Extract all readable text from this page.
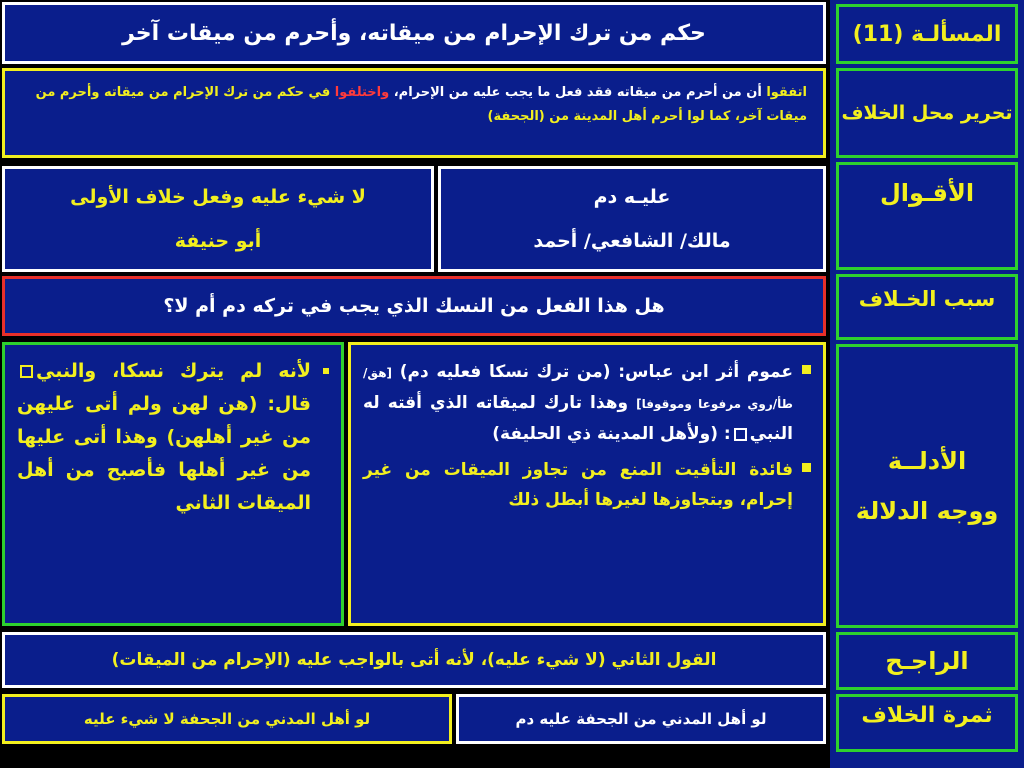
المسألـة (11)
تحرير محل الخلاف
الأقـوال
سبب الخـلاف
الأدلــة
ووجه الدلالة
الراجـح
ثمرة الخلاف
حكم من ترك الإحرام من ميقاته، وأحرم من ميقات آخر
اتفقوا أن من أحرم من ميقاته فقد فعل ما يجب عليه من الإحرام، واختلفوا في حكم من ترك الإحرام من ميقاته وأحرم من ميقات آخر، كما لوا أحرم أهل المدينة من (الجحفة)
عليـه دم
مالك/ الشافعي/ أحمد
لا شيء عليه وفعل خلاف الأولى
أبو حنيفة
هل هذا الفعل من النسك الذي يجب في تركه دم أم لا؟
عموم أثر ابن عباس: (من ترك نسكا فعليه دم) [هق/طأ/روي مرفوعا وموقوفا] وهذا تارك لميقاته الذي أقته له النبي: (ولأهل المدينة ذي الحليفة)
فائدة التأقيت المنع من تجاوز الميقات من غير إحرام، وبتجاوزها لغيرها أبطل ذلك
لأنه لم يترك نسكا، والنبي قال: (هن لهن ولم أتى عليهن من غير أهلهن) وهذا أتى عليها من غير أهلها فأصبح من أهل الميقات الثاني
القول الثاني (لا شيء عليه)، لأنه أتى بالواجب عليه (الإحرام من الميقات)
لو أهل المدني من الجحفة عليه دم
لو أهل المدني من الجحفة لا شيء عليه
